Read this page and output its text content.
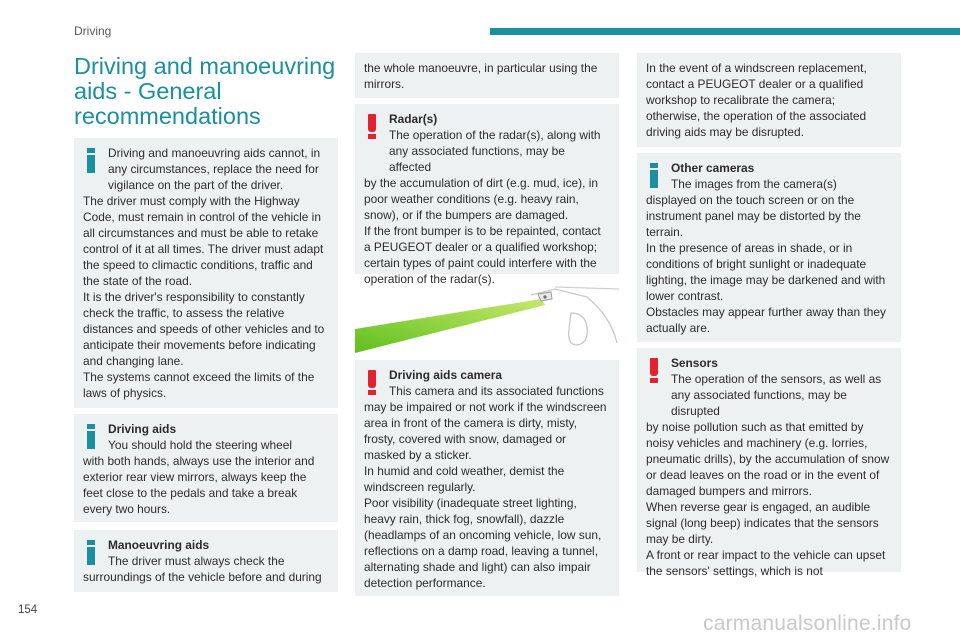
Driving
Driving and manoeuvring aids - General recommendations
Driving and manoeuvring aids cannot, in any circumstances, replace the need for vigilance on the part of the driver.
The driver must comply with the Highway Code, must remain in control of the vehicle in all circumstances and must be able to retake control of it at all times. The driver must adapt the speed to climactic conditions, traffic and the state of the road.
It is the driver's responsibility to constantly check the traffic, to assess the relative distances and speeds of other vehicles and to anticipate their movements before indicating and changing lane.
The systems cannot exceed the limits of the laws of physics.
Driving aids
You should hold the steering wheel
with both hands, always use the interior and exterior rear view mirrors, always keep the feet close to the pedals and take a break every two hours.
Manoeuvring aids
The driver must always check the
surroundings of the vehicle before and during
the whole manoeuvre, in particular using the mirrors.
Radar(s)
The operation of the radar(s), along with any associated functions, may be affected
by the accumulation of dirt (e.g. mud, ice), in poor weather conditions (e.g. heavy rain, snow), or if the bumpers are damaged.
If the front bumper is to be repainted, contact a PEUGEOT dealer or a qualified workshop; certain types of paint could interfere with the operation of the radar(s).
Driving aids camera
This camera and its associated functions
may be impaired or not work if the windscreen area in front of the camera is dirty, misty, frosty, covered with snow, damaged or masked by a sticker.
In humid and cold weather, demist the windscreen regularly.
Poor visibility (inadequate street lighting, heavy rain, thick fog, snowfall), dazzle (headlamps of an oncoming vehicle, low sun, reflections on a damp road, leaving a tunnel, alternating shade and light) can also impair detection performance.
In the event of a windscreen replacement, contact a PEUGEOT dealer or a qualified workshop to recalibrate the camera; otherwise, the operation of the associated driving aids may be disrupted.
Other cameras
The images from the camera(s)
displayed on the touch screen or on the instrument panel may be distorted by the terrain.
In the presence of areas in shade, or in conditions of bright sunlight or inadequate lighting, the image may be darkened and with lower contrast.
Obstacles may appear further away than they actually are.
Sensors
The operation of the sensors, as well as any associated functions, may be disrupted
by noise pollution such as that emitted by noisy vehicles and machinery (e.g. lorries, pneumatic drills), by the accumulation of snow or dead leaves on the road or in the event of damaged bumpers and mirrors.
When reverse gear is engaged, an audible signal (long beep) indicates that the sensors may be dirty.
A front or rear impact to the vehicle can upset the sensors' settings, which is not
154
carmanualsonline.info
